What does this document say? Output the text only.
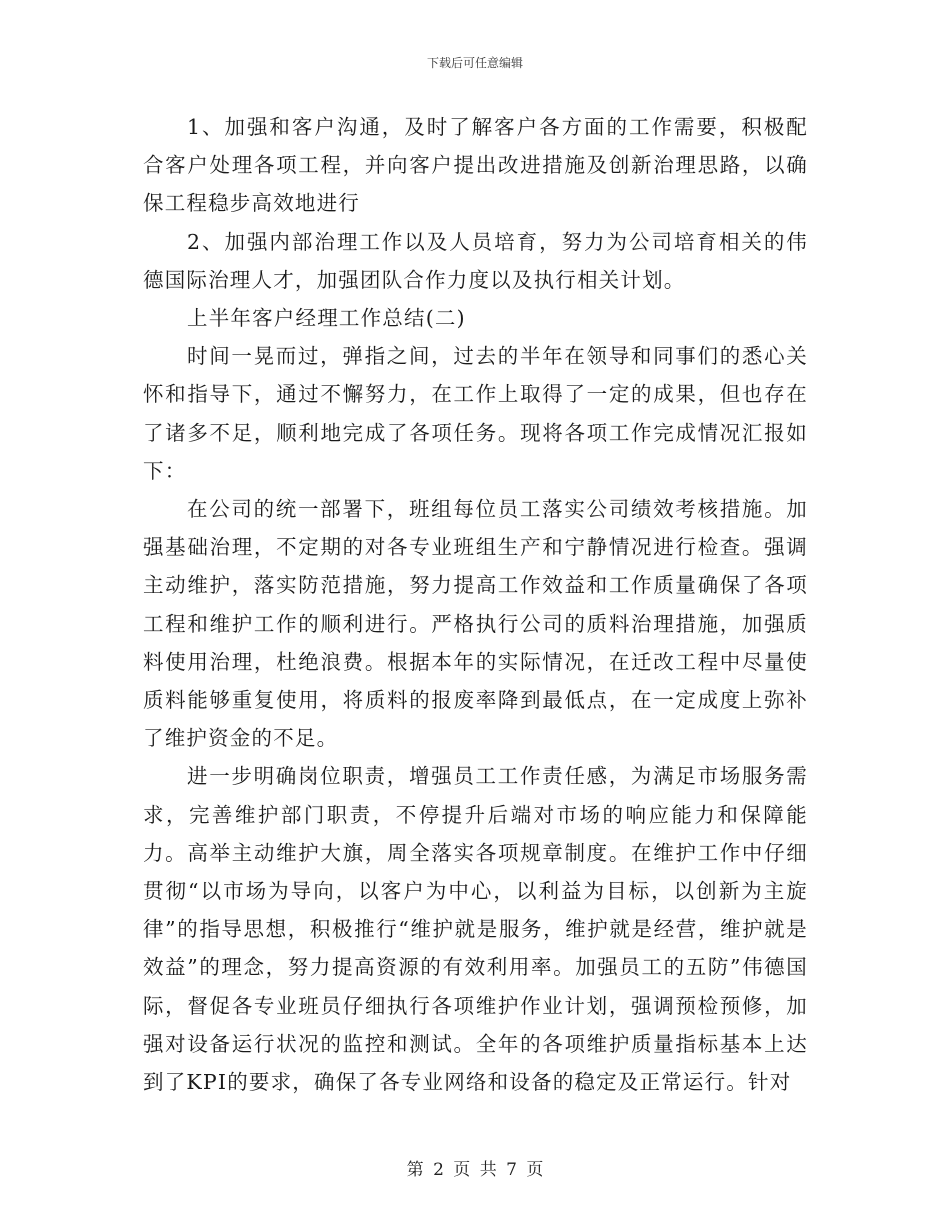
下载后可任意编辑

1、加强和客户沟通，及时了解客户各方面的工作需要，积极配合客户处理各项工程，并向客户提出改进措施及创新治理思路，以确保工程稳步高效地进行

2、加强内部治理工作以及人员培育，努力为公司培育相关的伟德国际治理人才，加强团队合作力度以及执行相关计划。

上半年客户经理工作总结(二)

时间一晃而过，弹指之间，过去的半年在领导和同事们的悉心关怀和指导下，通过不懈努力，在工作上取得了一定的成果，但也存在了诸多不足，顺利地完成了各项任务。现将各项工作完成情况汇报如下：

在公司的统一部署下，班组每位员工落实公司绩效考核措施。加强基础治理，不定期的对各专业班组生产和宁静情况进行检查。强调主动维护，落实防范措施，努力提高工作效益和工作质量确保了各项工程和维护工作的顺利进行。严格执行公司的质料治理措施，加强质料使用治理，杜绝浪费。根据本年的实际情况，在迁改工程中尽量使质料能够重复使用，将质料的报废率降到最低点，在一定成度上弥补了维护资金的不足。

进一步明确岗位职责，增强员工工作责任感，为满足市场服务需求，完善维护部门职责，不停提升后端对市场的响应能力和保障能力。高举主动维护大旗，周全落实各项规章制度。在维护工作中仔细贯彻“以市场为导向，以客户为中心，以利益为目标，以创新为主旋律”的指导思想，积极推行“维护就是服务，维护就是经营，维护就是效益”的理念，努力提高资源的有效利用率。加强员工的五防”伟德国际，督促各专业班员仔细执行各项维护作业计划，强调预检预修，加强对设备运行状况的监控和测试。全年的各项维护质量指标基本上达到了KPI的要求，确保了各专业网络和设备的稳定及正常运行。针对

第 2 页 共 7 页
